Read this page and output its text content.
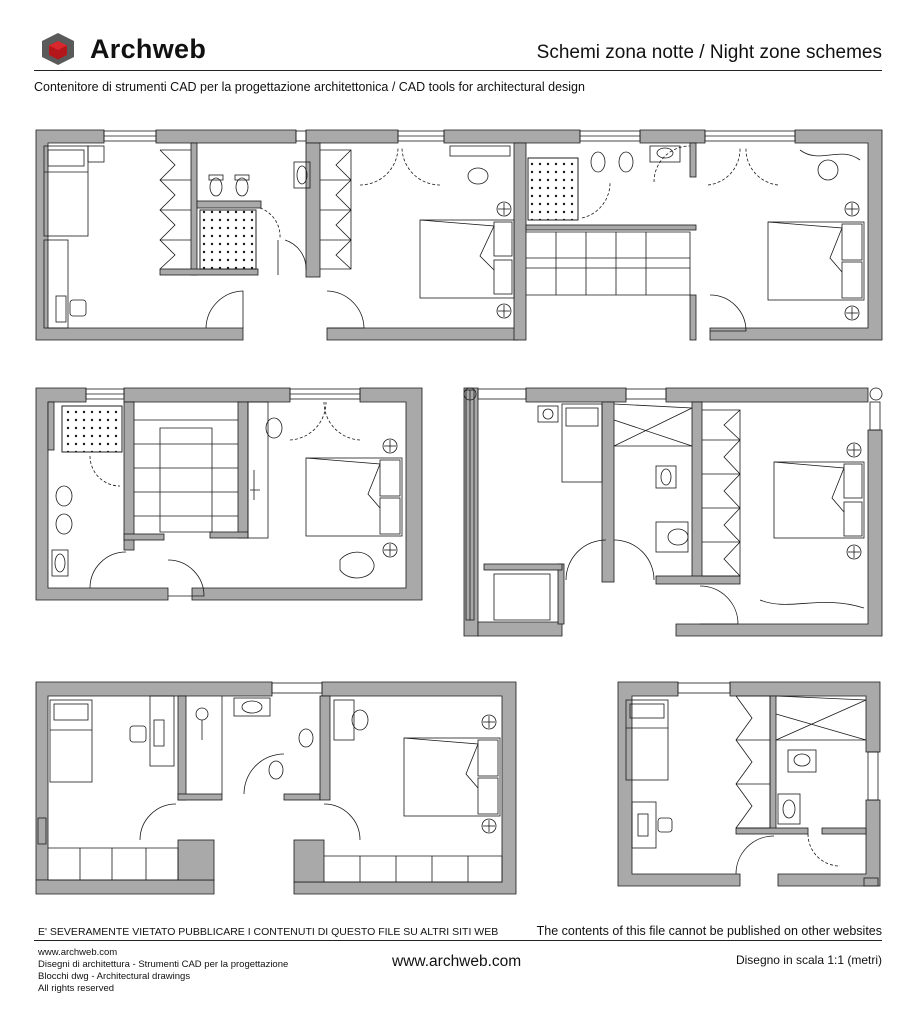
Archweb	Schemi zona notte / Night zone schemes
Contenitore di strumenti CAD per la progettazione architettonica / CAD tools for architectural design
E' SEVERAMENTE VIETATO PUBBLICARE I CONTENUTI DI QUESTO FILE SU ALTRI SITI WEB	The contents of this file cannot be published on other websites
www.archweb.com
Disegni di architettura - Strumenti CAD per la progettazione
Blocchi dwg - Architectural drawings
All rights reserved
www.archweb.com	Disegno in scala 1:1 (metri)
